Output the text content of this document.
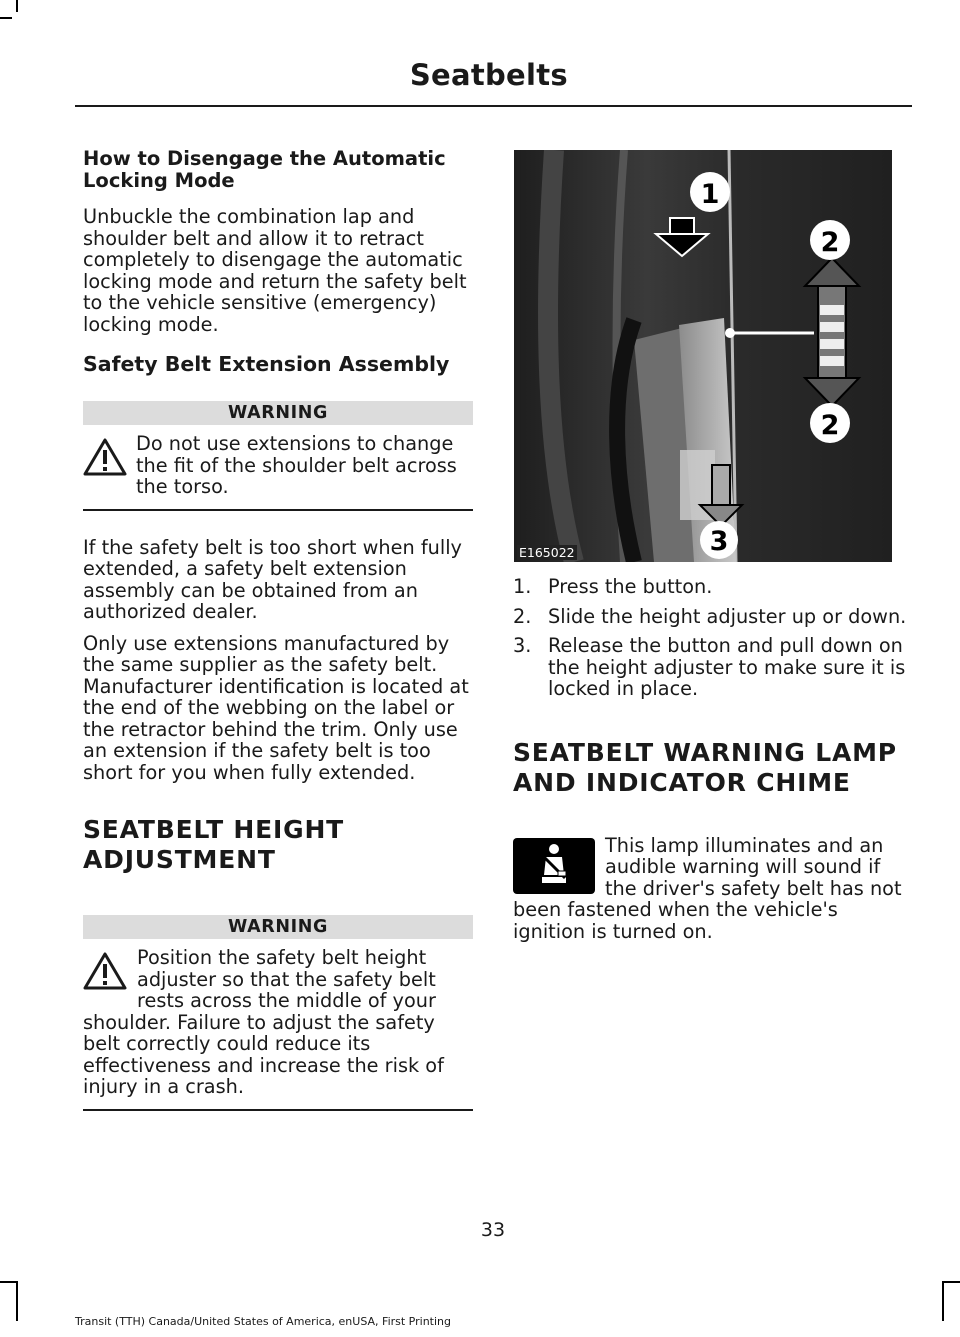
Seatbelts
How to Disengage the Automatic Locking Mode

Unbuckle the combination lap and shoulder belt and allow it to retract completely to disengage the automatic locking mode and return the safety belt to the vehicle sensitive (emergency) locking mode.

Safety Belt Extension Assembly
WARNING
Do not use extensions to change the fit of the shoulder belt across the torso.

If the safety belt is too short when fully extended, a safety belt extension assembly can be obtained from an authorized dealer.

Only use extensions manufactured by the same supplier as the safety belt. Manufacturer identification is located at the end of the webbing on the label or the retractor behind the trim. Only use an extension if the safety belt is too short for you when fully extended.

SEATBELT HEIGHT
ADJUSTMENT
WARNING
Position the safety belt height adjuster so that the safety belt rests across the middle of your shoulder. Failure to adjust the safety belt correctly could reduce its effectiveness and increase the risk of injury in a crash.
1
2
2
3
E165022
1. Press the button.
2. Slide the height adjuster up or down.
3. Release the button and pull down on the height adjuster to make sure it is locked in place.
SEATBELT WARNING LAMP
AND INDICATOR CHIME
This lamp illuminates and an audible warning will sound if the driver's safety belt has not been fastened when the vehicle's ignition is turned on.
33
Transit (TTH) Canada/United States of America, enUSA, First Printing
